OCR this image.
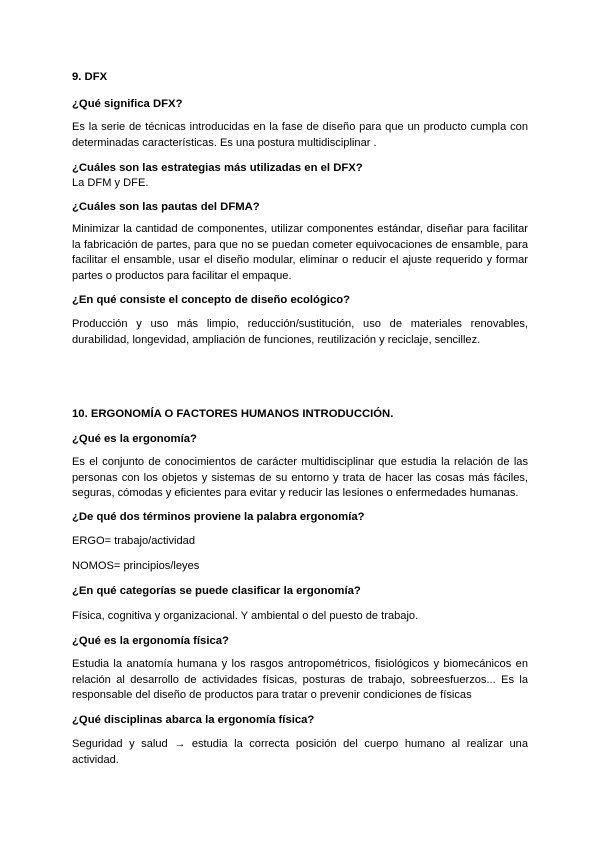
9. DFX
¿Qué significa DFX?
Es la serie de técnicas introducidas en la fase de diseño para que un producto cumpla con determinadas características. Es una postura multidisciplinar .
¿Cuáles son las estrategias más utilizadas en el DFX?
La DFM y DFE.
¿Cuáles son las pautas del DFMA?
Minimizar la cantidad de componentes, utilizar componentes estándar, diseñar para facilitar la fabricación de partes, para que no se puedan cometer equivocaciones de ensamble, para facilitar el ensamble, usar el diseño modular, eliminar o reducir el ajuste requerido y formar partes o productos para facilitar el empaque.
¿En qué consiste el concepto de diseño ecológico?
Producción y uso más limpio, reducción/sustitución, uso de materiales renovables, durabilidad, longevidad, ampliación de funciones, reutilización y reciclaje, sencillez.
10. ERGONOMÍA O FACTORES HUMANOS INTRODUCCIÓN.
¿Qué es la ergonomía?
Es el conjunto de conocimientos de carácter multidisciplinar que estudia la relación de las personas con los objetos y sistemas de su entorno y trata de hacer las cosas más fáciles, seguras, cómodas y eficientes para evitar y reducir las lesiones o enfermedades humanas.
¿De qué dos términos proviene la palabra ergonomía?
ERGO= trabajo/actividad
NOMOS= principios/leyes
¿En qué categorías se puede clasificar la ergonomía?
Física, cognitiva y organizacional. Y ambiental o del puesto de trabajo.
¿Qué es la ergonomía física?
Estudia la anatomía humana y los rasgos antropométricos, fisiológicos y biomecánicos en relación al desarrollo de actividades físicas, posturas de trabajo, sobreesfuerzos... Es la responsable del diseño de productos para tratar o prevenir condiciones de físicas
¿Qué disciplinas abarca la ergonomía física?
Seguridad y salud → estudia la correcta posición del cuerpo humano al realizar una actividad.
